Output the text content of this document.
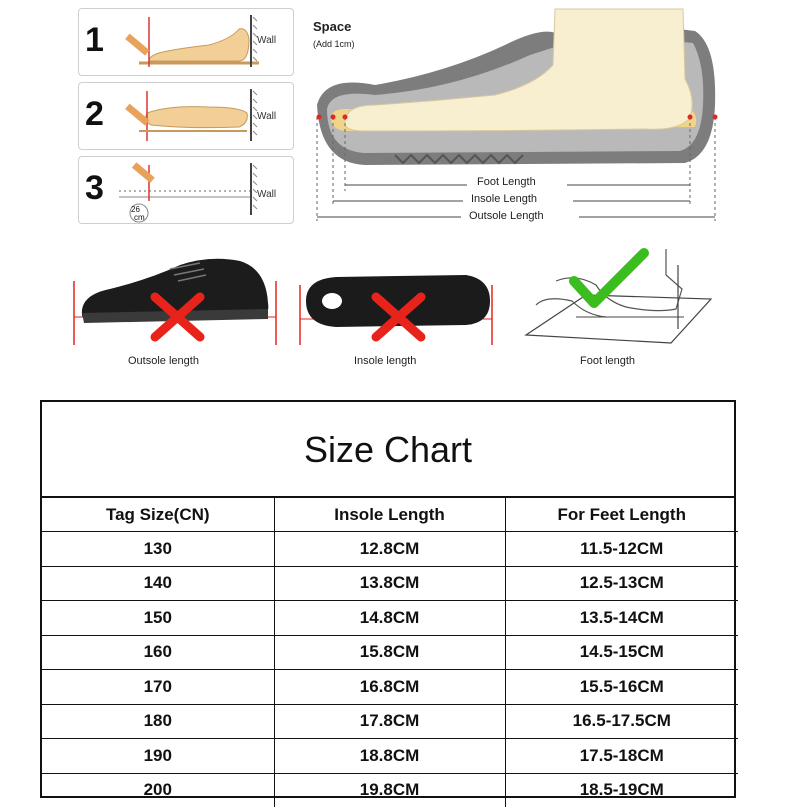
1	Wall
2	Wall
3
26
cm
Wall
Space
(Add 1cm)
Foot Length
Insole Length
Outsole Length
Outsole length	Insole length	Foot length
Size Chart
Tag Size(CN)	Insole Length	For Feet Length
130	12.8CM	11.5-12CM
140	13.8CM	12.5-13CM
150	14.8CM	13.5-14CM
160	15.8CM	14.5-15CM
170	16.8CM	15.5-16CM
180	17.8CM	16.5-17.5CM
190	18.8CM	17.5-18CM
200	19.8CM	18.5-19CM
